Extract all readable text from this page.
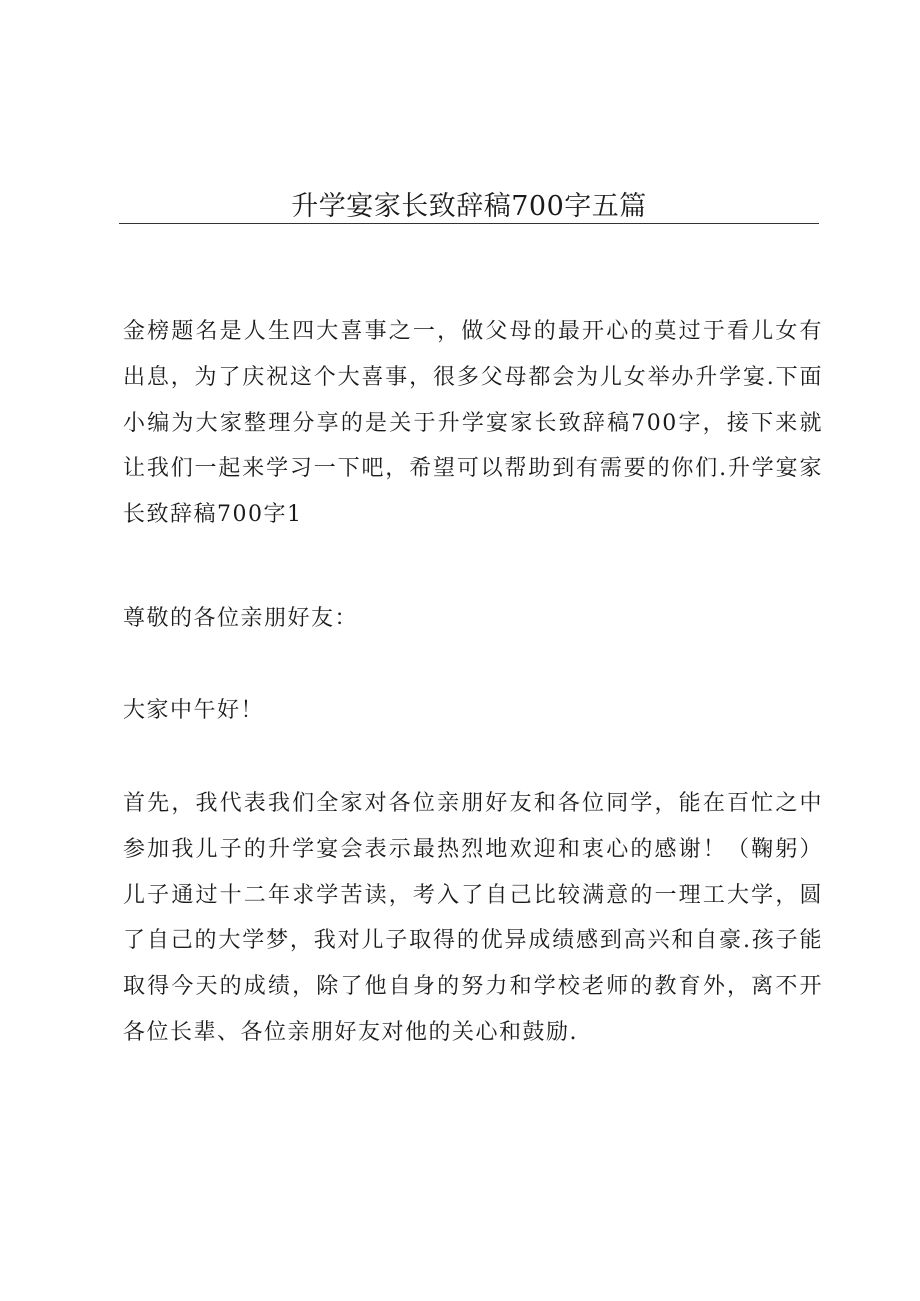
升学宴家长致辞稿700字五篇

金榜题名是人生四大喜事之一，做父母的最开心的莫过于看儿女有出息，为了庆祝这个大喜事，很多父母都会为儿女举办升学宴.下面小编为大家整理分享的是关于升学宴家长致辞稿700字，接下来就让我们一起来学习一下吧，希望可以帮助到有需要的你们.升学宴家长致辞稿700字1

尊敬的各位亲朋好友：

大家中午好！

首先，我代表我们全家对各位亲朋好友和各位同学，能在百忙之中参加我儿子的升学宴会表示最热烈地欢迎和衷心的感谢！（鞠躬）儿子通过十二年求学苦读，考入了自己比较满意的一理工大学，圆了自己的大学梦，我对儿子取得的优异成绩感到高兴和自豪.孩子能取得今天的成绩，除了他自身的努力和学校老师的教育外，离不开各位长辈、各位亲朋好友对他的关心和鼓励.
